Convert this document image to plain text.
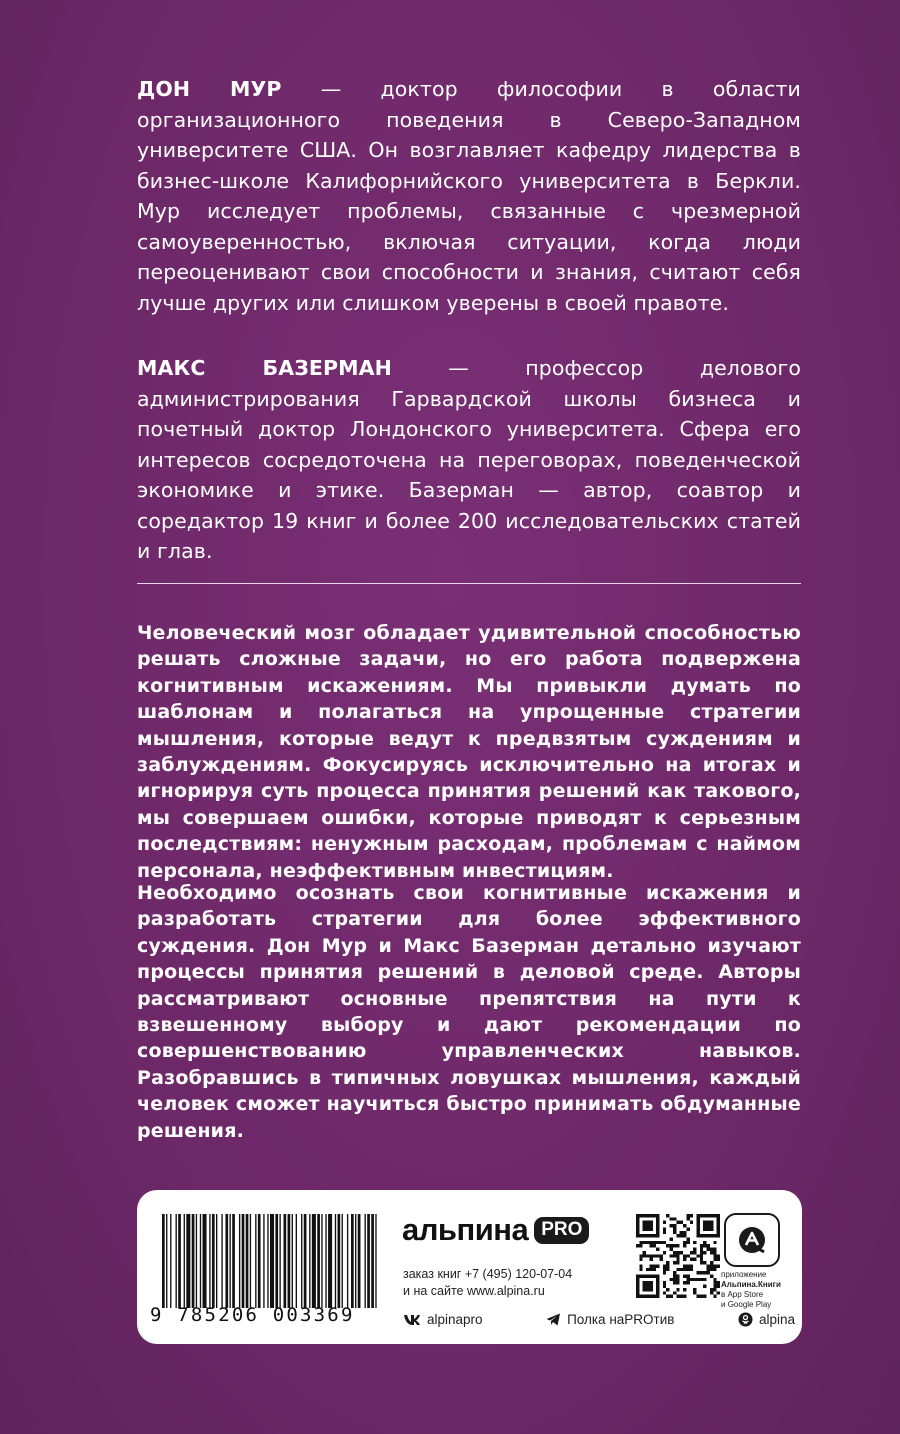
ДОН МУР — доктор философии в области организационного поведения в Северо-Западном университете США. Он возглавляет кафедру лидерства в бизнес-школе Калифорнийского университета в Беркли. Мур исследует проблемы, связанные с чрезмерной самоуверенностью, включая ситуации, когда люди переоценивают свои способности и знания, считают себя лучше других или слишком уверены в своей правоте.

МАКС БАЗЕРМАН — профессор делового администрирования Гарвардской школы бизнеса и почетный доктор Лондонского университета. Сфера его интересов сосредоточена на переговорах, поведенческой экономике и этике. Базерман — автор, соавтор и соредактор 19 книг и более 200 исследовательских статей и глав.

Человеческий мозг обладает удивительной способностью решать сложные задачи, но его работа подвержена когнитивным искажениям. Мы привыкли думать по шаблонам и полагаться на упрощенные стратегии мышления, которые ведут к предвзятым суждениям и заблуждениям. Фокусируясь исключительно на итогах и игнорируя суть процесса принятия решений как такового, мы совершаем ошибки, которые приводят к серьезным последствиям: ненужным расходам, проблемам с наймом персонала, неэффективным инвестициям.

Необходимо осознать свои когнитивные искажения и разработать стратегии для более эффективного суждения. Дон Мур и Макс Базерман детально изучают процессы принятия решений в деловой среде. Авторы рассматривают основные препятствия на пути к взвешенному выбору и дают рекомендации по совершенствованию управленческих навыков. Разобравшись в типичных ловушках мышления, каждый человек сможет научиться быстро принимать обдуманные решения.

9 785206 003369
альпина PRO
заказ книг +7 (495) 120-07-04
и на сайте www.alpina.ru
приложение
Альпина.Книги
в App Store
и Google Play
alpinapro	Полка наPROтив	alpina
